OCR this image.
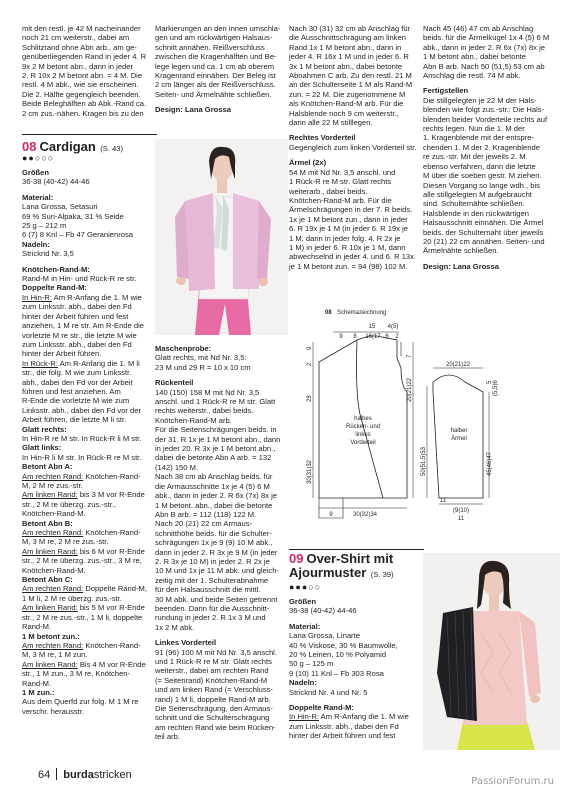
mit den restl. je 42 M nacheinander

noch 21 cm weiterstr., dabei am

Schlitzrand ohne Abn arb., am ge-

genüberliegenden Rand in jeder 4. R

9x 2 M betont abn., dann in jeder

2. R 10x 2 M betont abn. = 4 M. Die

restl. 4 M abk., wie sie erscheinen.

Die 2. Hälfte gegengleich beenden.

Beide Beleghälften ab Abk.-Rand ca.

2 cm zus.-nähen. Kragen bis zu den

Markierungen an den innen umschla-

gen und am rückwärtigen Halsaus-

schnitt annähen. Reißverschluss

zwischen die Kragenhälften und Be-

lege legen und ca. 1 cm ab oberem

Kragenrand einnähen. Der Beleg ist

2 cm länger als der Reißverschluss.

Seiten- und Ärmelnähte schließen.

Design: Lana Grossa

Nach 30 (31) 32 cm ab Anschlag für

die Ausschnittschrägung am linken

Rand 1x 1 M betont abn., dann in

jeder 4. R 16x 1 M und in jeder 6. R

3x 1 M betont abn., dabei betonte

Abnahmen C arb. Zu den restl. 21 M

an der Schulterseite 1 M als Rand-M

zun. = 22 M. Die zugenommene M

als Knötchen-Rand-M arb. Für die

Halsblende noch 9 cm weiterstr.,

dann alle 22 M stilllegen.

Rechtes Vorderteil

Gegengleich zum linken Vorderteil str.

Ärmel (2x)

54 M mit Nd Nr. 3,5 anschl. und

1 Rück-R re M str. Glatt rechts

weiterarb., dabei beids.

Knötchen-Rand-M arb. Für die

Ärmelschrägungen in der 7. R beids.

1x je 1 M betont zun., dann in jeder

6. R 19x je 1 M (in jeder 6. R 19x je

1 M, dann in jeder folg. 4. R 2x je

1 M) in jeder 6. R 10x je 1 M, dann

abwechselnd in jeder 4. und 6. R 13x

je 1 M betont zun. = 94 (98) 102 M.

Nach 45 (46) 47 cm ab Anschlag

beids. für die Ärmelkugel 1x 4 (5) 6 M

abk., dann in jeder 2. R 6x (7x) 8x je

1 M betont abn., dabei betonte

Abn B arb. Nach 50 (51,5) 53 cm ab

Anschlag die restl. 74 M abk.

Fertigstellen

Die stillgelegten je 22 M der Hals-

blenden wie folgt zus.-str.: Die Hals-

blenden beider Vorderteile rechts auf

rechts legen. Nun die 1. M der

1. Kragenblende mit der entspre-

chenden 1. M der 2. Kragenblende

re zus.-str. Mit der jeweils 2. M

ebenso verfahren, dann die letzte

M über die soeben gestr. M ziehen.

Diesen Vorgang so lange wdh., bis

alle stillgelegten M aufgebraucht

sind. Schulternähte schließen.

Halsblende in den rückwärtigen

Halsausschnitt einnähen. Die Ärmel

beids. der Schulternaht über jeweils

20 (21) 22 cm annähen. Seiten- und

Ärmelnähte schließen.

Design: Lana Grossa

08 Cardigan (S. 43)
●●○○○

Größen

36-38 (40-42) 44-46

Material:

Lana Grossa, Setasuri

69 % Suri-Alpaka, 31 % Seide

25 g – 212 m

6 (7) 8 Knl – Fb 47 Geranienrosa

Nadeln:

Stricknd Nr. 3,5

Knötchen-Rand-M:

Rand-M in Hin- und Rück-R re str.

Doppelte Rand-M:

In Hin-R: Am R-Anfang die 1. M wie

zum Linksstr. abh., dabei den Fd

hinter der Arbeit führen und fest

anziehen, 1 M re str. Am R-Ende die

vorletzte M re str., die letzte M wie

zum Linksstr. abh., dabei den Fd

hinter der Arbeit führen.

In Rück-R: Am R-Anfang die 1. M li

str., die folg. M wie zum Linksstr.

abh., dabei den Fd vor der Arbeit

führen und fest anziehen. Am

R-Ende die vorletzte M wie zum

Linksstr. abh., dabei den Fd vor der

Arbeit führen, die letzte M li str.

Glatt rechts:

In Hin-R re M str. In Rück-R li M str.

Glatt links:

In Hin-R li M str. In Rück-R re M str.

Betont Abn A:

Am rechten Rand: Knötchen-Rand-

M, 2 M re zus.-str.

Am linken Rand: bis 3 M vor R-Ende

str., 2 M re überzg. zus.-str.,

Knötchen-Rand-M.

Betont Abn B:

Am rechten Rand: Knötchen-Rand-

M, 3 M re, 2 M re zus.-str.

Am linken Rand: bis 6 M vor R-Ende

str., 2 M re überzg. zus.-str., 3 M re,

Knötchen-Rand-M.

Betont Abn C:

Am rechten Rand: Doppelte Rand-M,

1 M li, 2 M re überzg. zus.-str.

Am linken Rand: bis 5 M vor R-Ende

str., 2 M re zus.-str., 1 M li, doppelte

Rand-M.

1 M betont zun.:

Am rechten Rand: Knötchen-Rand-

M, 3 M re, 1 M zun.

Am linken Rand: Bis 4 M vor R-Ende

str., 1 M zun., 3 M re, Knötchen-

Rand-M.

1 M zun.:

Aus dem Querfd zur folg. M 1 M re

verschr. herausstr.

Maschenprobe:

Glatt rechts, mit Nd Nr. 3,5:

23 M und 29 R = 10 x 10 cm

Rückenteil

140 (150) 158 M mit Nd Nr. 3,5

anschl. und 1 Rück-R re M str. Glatt

rechts weiterstr., dabei beids.

Knötchen-Rand-M arb.

Für die Seitenschrägungen beids. in

der 31. R 1x je 1 M betont abn., dann

in jeder 20. R 3x je 1 M betont abn.,

dabei die betonte Abn A arb. = 132

(142) 150 M.

Nach 38 cm ab Anschlag beids. für

die Armausschnitte 1x je 4 (5) 6 M

abk., dann in jeder 2. R 6x (7x) 8x je

1 M betont. abn., dabei die betonte

Abn B arb. = 112 (118) 122 M.

Nach 20 (21) 22 cm Armaus-

schnitthöhe beids. für die Schulter-

schrägungen 1x je 9 (9) 10 M abk.,

dann in jeder 2. R 3x je 9 M (in jeder

2. R 3x je 10 M) in jeder 2. R 2x je

10 M und 1x je 11 M abk. und gleich-

zeitig mit der 1. Schulterabnahme

für den Halsausschnitt die mittl.

30 M abk. und beide Seiten getrennt

beenden. Dann für die Ausschnitt-

rundung in jeder 2. R 1x 3 M und

1x 2 M abk.

Linkes Vorderteil

91 (96) 100 M mit Nd Nr. 3,5 anschl.

und 1 Rück-R re M str. Glatt rechts

weiterstr., dabei am rechten Rand

(= Seitenrand) Knötchen-Rand-M

und am linken Rand (= Verschluss-

rand) 1 M li, doppelte Rand-M arb.

Die Seitenschrägung, den Armaus-

schnitt und die Schulterschrägung

am rechten Rand wie beim Rücken-

teil arb.

08 Schemazeichnung
15 4(5)
9 8 16(17 6 2
9
2
28
30(31)32
9	30(32)34
7
20(21)22
50(51,5)53
20(21)22
5 (5,5)6
45(46)47
11
(9(10)
11
halbes
Rücken- und
linkes
Vorderteil
halber
Ärmel
09 Over-Shirt mit
Ajourmuster (S. 39)
●●●○○

Größen

36-38 (40-42) 44-46

Material:

Lana Grossa, Linarte

40 % Viskose, 30 % Baumwolle,

20 % Leinen, 10 % Polyamid

50 g – 125 m

9 (10) 11 Knl – Fb 303 Rosa

Nadeln:

Stricknd Nr. 4 und Nr. 5

Doppelte Rand-M:

In Hin-R: Am R-Anfang die 1. M wie

zum Linksstr. abh., dabei den Fd

hinter der Arbeit führen und fest

64 burdastricken
PassionForum.ru
